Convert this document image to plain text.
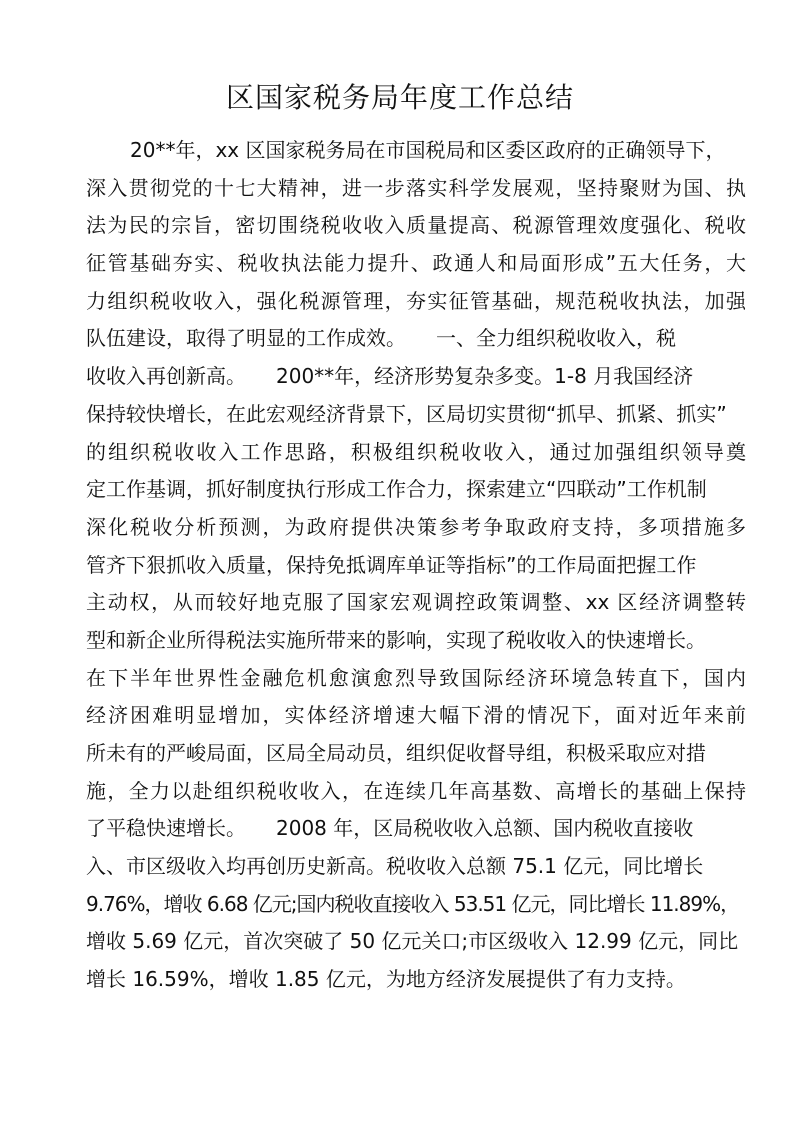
区国家税务局年度工作总结
20**年，xx 区国家税务局在市国税局和区委区政府的正确领导下，
深入贯彻党的十七大精神，进一步落实科学发展观，坚持聚财为国、执
法为民的宗旨，密切围绕税收收入质量提高、税源管理效度强化、税收
征管基础夯实、税收执法能力提升、政通人和局面形成”五大任务，大
力组织税收收入，强化税源管理，夯实征管基础，规范税收执法，加强
队伍建设，取得了明显的工作成效。　　一、全力组织税收收入，税
收收入再创新高。　　200**年，经济形势复杂多变。1-8 月我国经济
保持较快增长，在此宏观经济背景下，区局切实贯彻“抓早、抓紧、抓实”
的组织税收收入工作思路，积极组织税收收入，通过加强组织领导奠
定工作基调，抓好制度执行形成工作合力，探索建立“四联动”工作机制
深化税收分析预测，为政府提供决策参考争取政府支持，多项措施多
管齐下狠抓收入质量，保持免抵调库单证等指标”的工作局面把握工作
主动权，从而较好地克服了国家宏观调控政策调整、xx 区经济调整转
型和新企业所得税法实施所带来的影响，实现了税收收入的快速增长。
在下半年世界性金融危机愈演愈烈导致国际经济环境急转直下，国内
经济困难明显增加，实体经济增速大幅下滑的情况下，面对近年来前
所未有的严峻局面，区局全局动员，组织促收督导组，积极采取应对措
施，全力以赴组织税收收入，在连续几年高基数、高增长的基础上保持
了平稳快速增长。　　2008 年，区局税收收入总额、国内税收直接收
入、市区级收入均再创历史新高。税收收入总额 75.1 亿元，同比增长
9.76%，增收 6.68 亿元;国内税收直接收入 53.51 亿元，同比增长 11.89%，
增收 5.69 亿元，首次突破了 50 亿元关口;市区级收入 12.99 亿元，同比
增长 16.59%，增收 1.85 亿元，为地方经济发展提供了有力支持。
